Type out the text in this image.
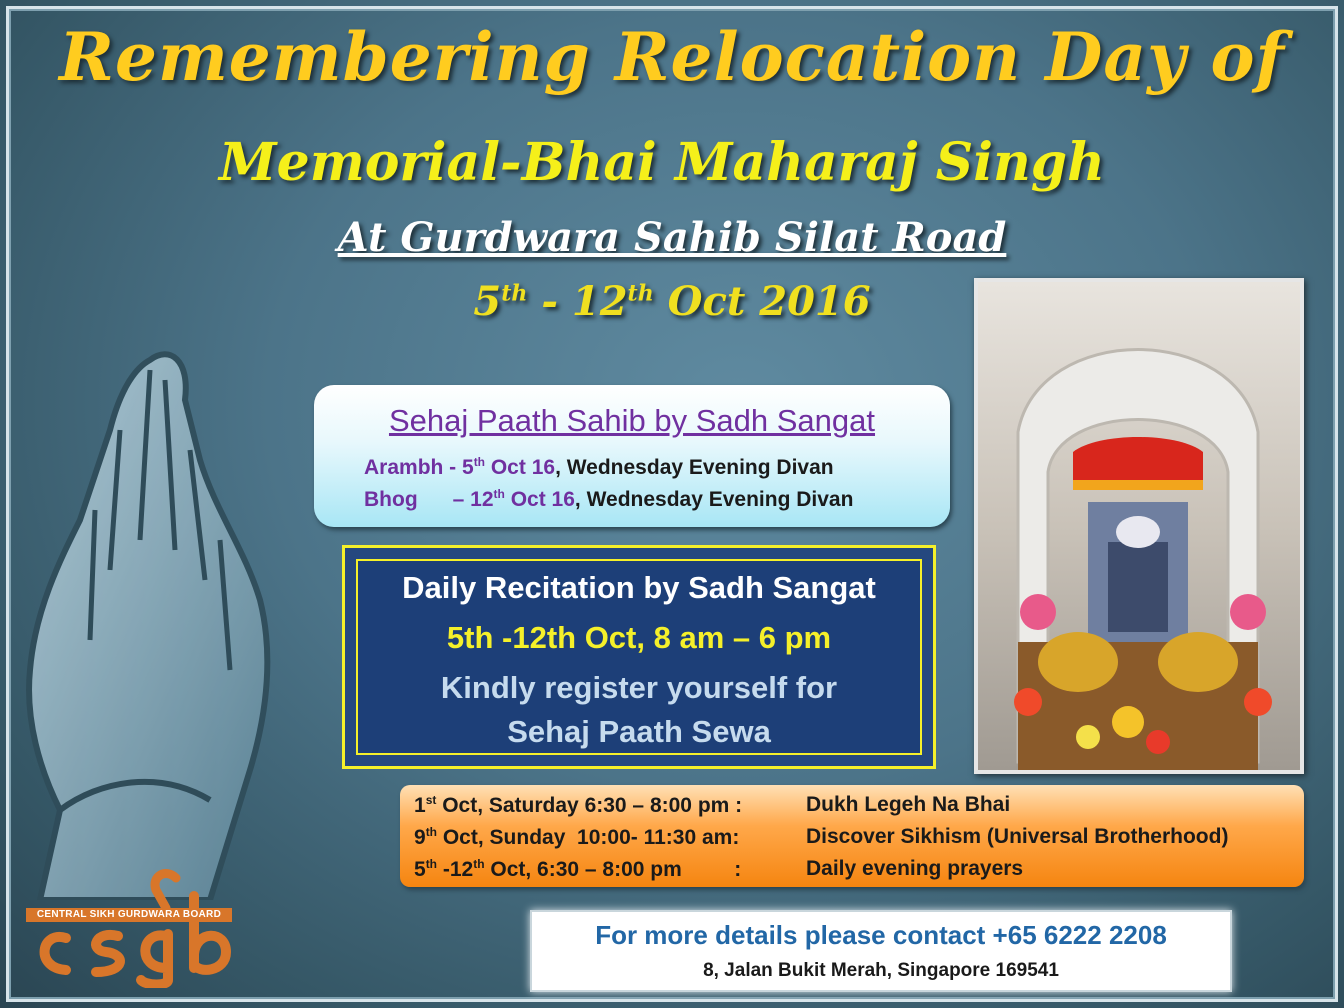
Remembering Relocation Day of
Memorial-Bhai Maharaj Singh
At Gurdwara Sahib Silat Road
5th - 12th Oct 2016
Sehaj Paath Sahib by Sadh Sangat
Arambh - 5th Oct 16, Wednesday Evening Divan
Bhog      – 12th Oct 16, Wednesday Evening Divan
Daily Recitation by Sadh Sangat
5th -12th Oct, 8 am – 6 pm
Kindly register yourself for
Sehaj Paath Sewa
1st Oct, Saturday 6:30 – 8:00 pm :	Dukh Legeh Na Bhai
9th Oct, Sunday  10:00- 11:30 am:	Discover Sikhism (Universal Brotherhood)
5th -12th Oct, 6:30 – 8:00 pm         :	Daily evening prayers
For more details please contact +65 6222 2208
8, Jalan Bukit Merah, Singapore 169541
CENTRAL SIKH GURDWARA BOARD
